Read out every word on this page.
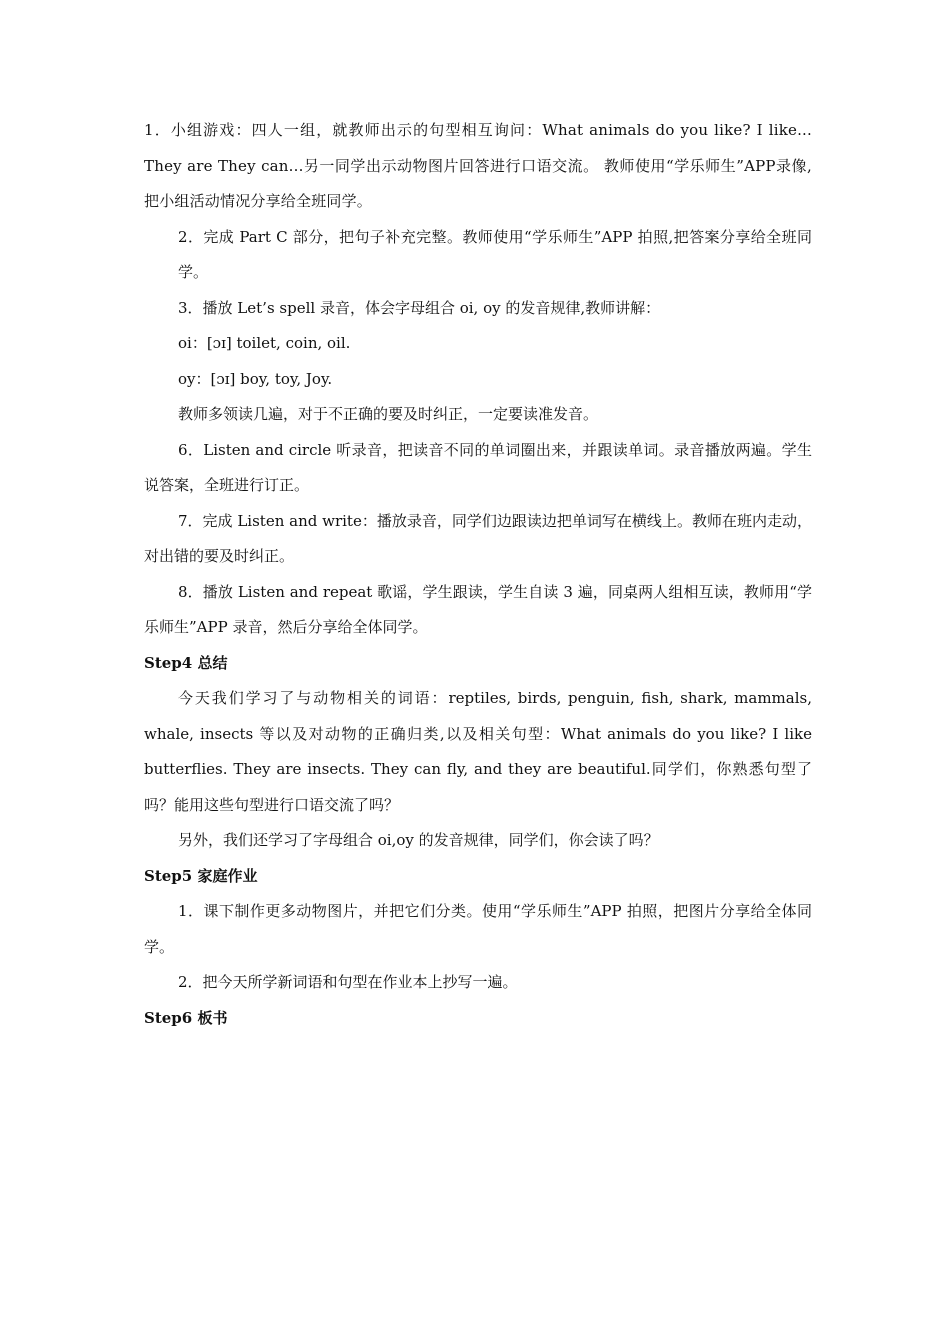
1．小组游戏：四人一组，就教师出示的句型相互询问：What animals do you like? I like... They are They can...另一同学出示动物图片回答进行口语交流。 教师使用“学乐师生”APP录像,把小组活动情况分享给全班同学。

2．完成 Part C 部分，把句子补充完整。教师使用“学乐师生”APP 拍照,把答案分享给全班同学。

3．播放 Let’s spell 录音，体会字母组合 oi, oy 的发音规律,教师讲解：

oi：[ɔɪ] toilet, coin, oil.

oy：[ɔɪ] boy, toy, Joy.

教师多领读几遍，对于不正确的要及时纠正，一定要读准发音。

6．Listen and circle 听录音，把读音不同的单词圈出来，并跟读单词。录音播放两遍。学生说答案，全班进行订正。

7．完成 Listen and write：播放录音，同学们边跟读边把单词写在横线上。教师在班内走动，对出错的要及时纠正。

8．播放 Listen and repeat 歌谣，学生跟读，学生自读 3 遍，同桌两人组相互读，教师用“学乐师生”APP 录音，然后分享给全体同学。

Step4 总结

今天我们学习了与动物相关的词语：reptiles, birds, penguin, fish, shark, mammals, whale, insects 等以及对动物的正确归类,以及相关句型：What animals do you like? I like butterflies. They are insects. They can fly, and they are beautiful.同学们，你熟悉句型了吗？能用这些句型进行口语交流了吗？

另外，我们还学习了字母组合 oi,oy 的发音规律，同学们，你会读了吗？

Step5 家庭作业

1．课下制作更多动物图片，并把它们分类。使用“学乐师生”APP 拍照，把图片分享给全体同学。

2．把今天所学新词语和句型在作业本上抄写一遍。

Step6 板书
